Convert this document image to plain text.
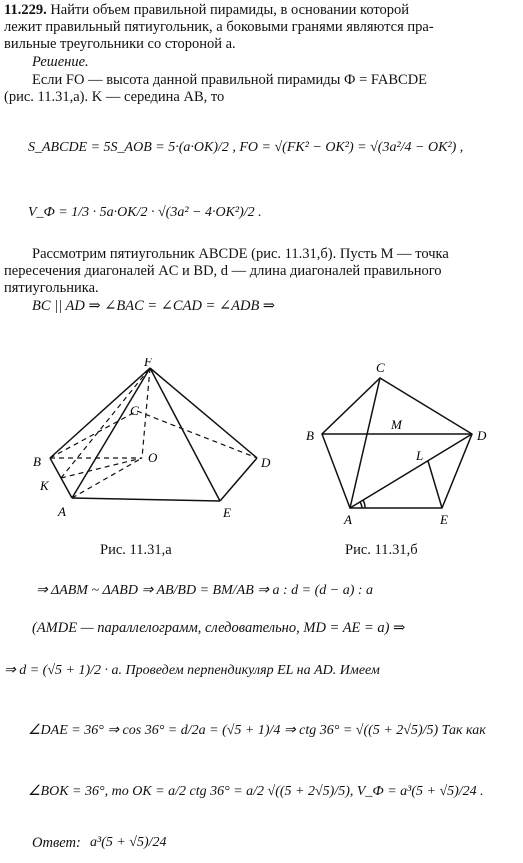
11.229. Найти объем правильной пирамиды, в основании которой
лежит правильный пятиугольник, а боковыми гранями являются пра-
вильные треугольники со стороной a.
Решение.
Если FO — высота данной правильной пирамиды Ф = FABCDE
(рис. 11.31,а). K — середина AB, то
S_ABCDE = 5S_AOB = 5·(a·OK)/2 , FO = √(FK² − OK²) = √(3a²/4 − OK²) ,
V_Ф = 1/3 · 5a·OK/2 · √(3a² − 4·OK²)/2 .
Рассмотрим пятиугольник ABCDE (рис. 11.31,б). Пусть M — точка
пересечения диагоналей AC и BD, d — длина диагоналей правильного
пятиугольника.
BC || AD ⇒ ∠BAC = ∠CAD = ∠ADB ⇒
F
C
B	O	D
K
A	E
C
B
M
D
L
A	E
Рис. 11.31,а	Рис. 11.31,б
⇒ ΔABM ~ ΔABD ⇒ AB/BD = BM/AB ⇒ a : d = (d − a) : a
(AMDE — параллелограмм, следовательно, MD = AE = a) ⇒
⇒ d = (√5 + 1)/2 · a. Проведем перпендикуляр EL на AD. Имеем
∠DAE = 36° ⇒ cos 36° = d/2a = (√5 + 1)/4 ⇒ ctg 36° = √((5 + 2√5)/5) Так как
∠BOK = 36°, то OK = a/2 ctg 36° = a/2 √((5 + 2√5)/5), V_Ф = a³(5 + √5)/24 .
Ответ: a³(5 + √5)/24
